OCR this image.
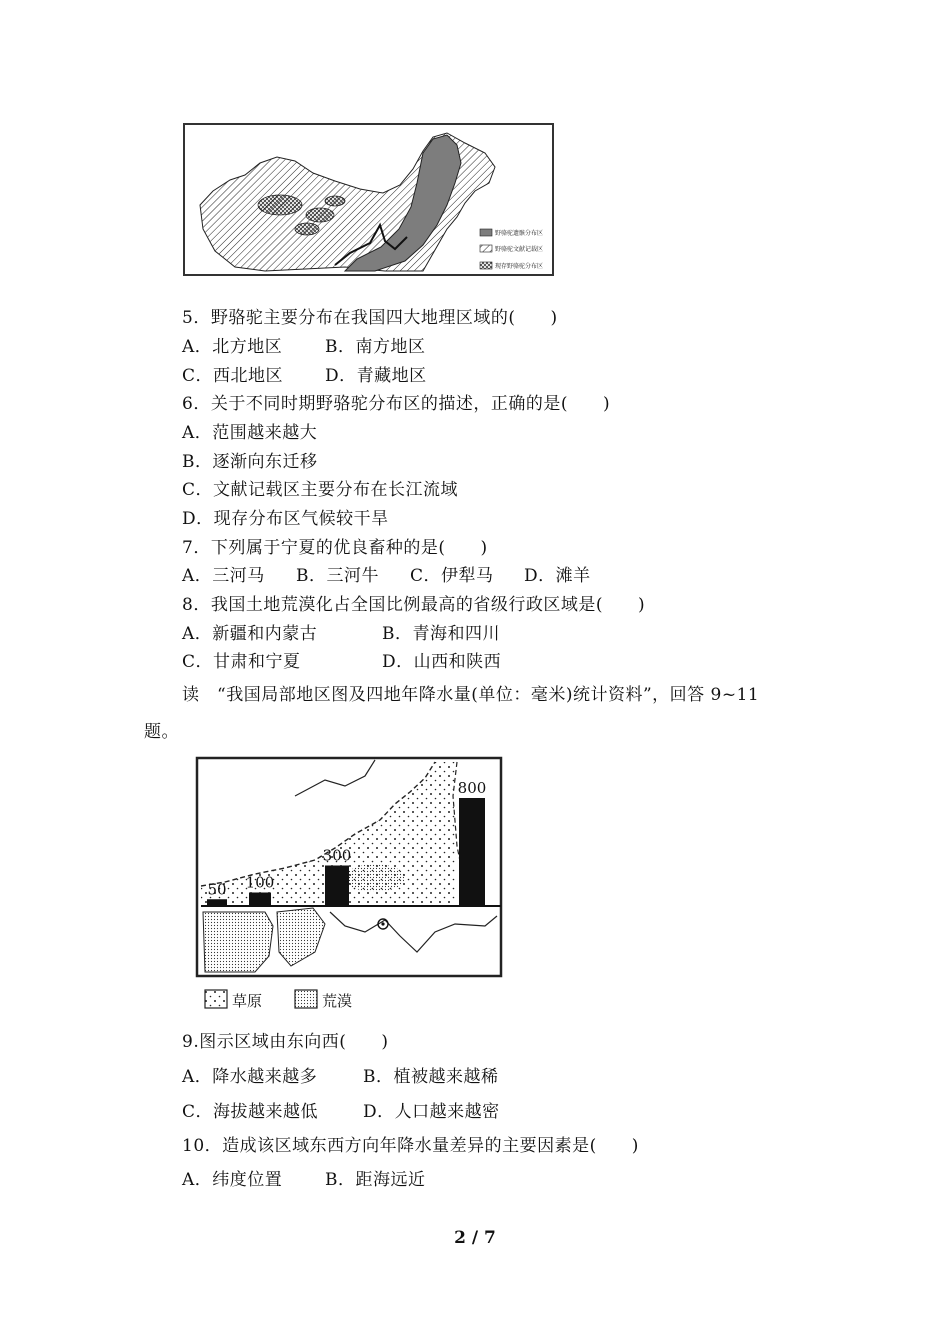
野骆驼遗骸分布区
野骆驼文献记载区
现存野骆驼分布区
5．野骆驼主要分布在我国四大地理区域的(　　)
A．北方地区	B．南方地区
C．西北地区 D．青藏地区
6．关于不同时期野骆驼分布区的描述，正确的是(　　)
A．范围越来越大
B．逐渐向东迁移
C．文献记载区主要分布在长江流域
D．现存分布区气候较干旱
7．下列属于宁夏的优良畜种的是(　　)
A．三河马 B．三河牛 C．伊犁马 D．滩羊
8．我国土地荒漠化占全国比例最高的省级行政区域是(　　)
A．新疆和内蒙古	B．青海和四川
C．甘肃和宁夏	D．山西和陕西
读　“我国局部地区图及四地年降水量(单位：毫米)统计资料”，回答 9~11
题。
50 100
300
800
草原	荒漠
9.图示区域由东向西(　　)
A．降水越来越多	B．植被越来越稀
C．海拔越来越低	D．人口越来越密
10．造成该区域东西方向年降水量差异的主要因素是(　　)
A．纬度位置	B．距海远近
2 / 7
